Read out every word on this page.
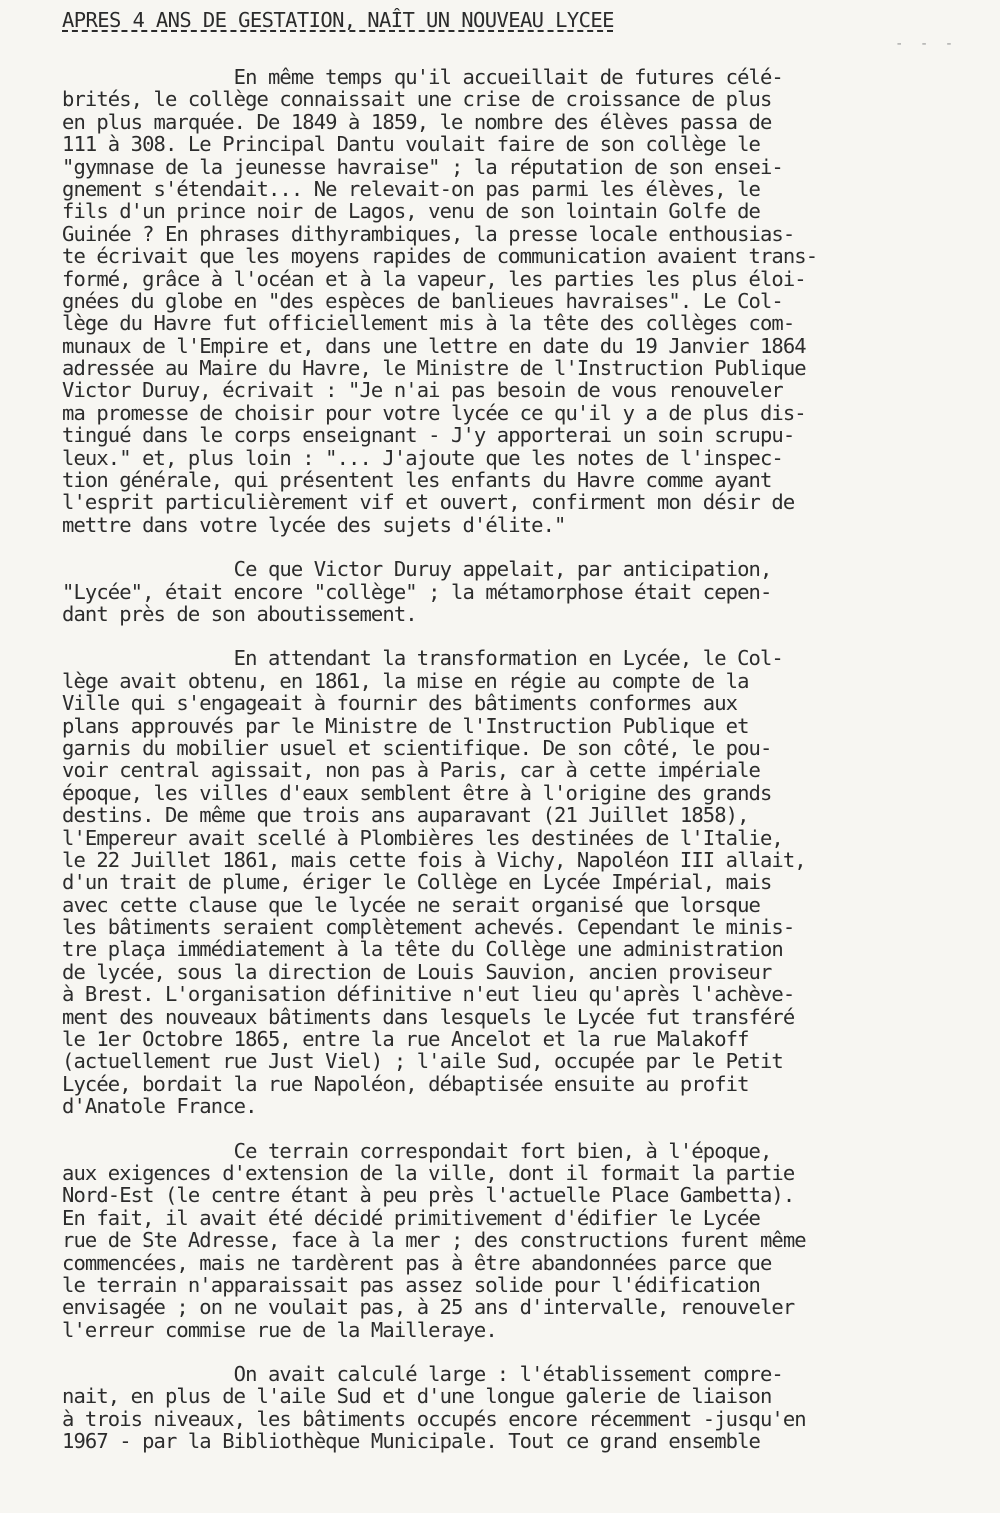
APRES 4 ANS DE GESTATION, NAÎT UN NOUVEAU LYCEE
- - -
En même temps qu'il accueillait de futures célé-
brités, le collège connaissait une crise de croissance de plus
en plus marquée. De 1849 à 1859, le nombre des élèves passa de
111 à 308. Le Principal Dantu voulait faire de son collège le
"gymnase de la jeunesse havraise" ; la réputation de son ensei-
gnement s'étendait... Ne relevait-on pas parmi les élèves, le
fils d'un prince noir de Lagos, venu de son lointain Golfe de
Guinée ? En phrases dithyrambiques, la presse locale enthousias-
te écrivait que les moyens rapides de communication avaient trans-
formé, grâce à l'océan et à la vapeur, les parties les plus éloi-
gnées du globe en "des espèces de banlieues havraises". Le Col-
lège du Havre fut officiellement mis à la tête des collèges com-
munaux de l'Empire et, dans une lettre en date du 19 Janvier 1864
adressée au Maire du Havre, le Ministre de l'Instruction Publique
Victor Duruy, écrivait : "Je n'ai pas besoin de vous renouveler
ma promesse de choisir pour votre lycée ce qu'il y a de plus dis-
tingué dans le corps enseignant - J'y apporterai un soin scrupu-
leux." et, plus loin : "... J'ajoute que les notes de l'inspec-
tion générale, qui présentent les enfants du Havre comme ayant
l'esprit particulièrement vif et ouvert, confirment mon désir de
mettre dans votre lycée des sujets d'élite."
Ce que Victor Duruy appelait, par anticipation,
"Lycée", était encore "collège" ; la métamorphose était cepen-
dant près de son aboutissement.
En attendant la transformation en Lycée, le Col-
lège avait obtenu, en 1861, la mise en régie au compte de la
Ville qui s'engageait à fournir des bâtiments conformes aux
plans approuvés par le Ministre de l'Instruction Publique et
garnis du mobilier usuel et scientifique. De son côté, le pou-
voir central agissait, non pas à Paris, car à cette impériale
époque, les villes d'eaux semblent être à l'origine des grands
destins. De même que trois ans auparavant (21 Juillet 1858),
l'Empereur avait scellé à Plombières les destinées de l'Italie,
le 22 Juillet 1861, mais cette fois à Vichy, Napoléon III allait,
d'un trait de plume, ériger le Collège en Lycée Impérial, mais
avec cette clause que le lycée ne serait organisé que lorsque
les bâtiments seraient complètement achevés. Cependant le minis-
tre plaça immédiatement à la tête du Collège une administration
de lycée, sous la direction de Louis Sauvion, ancien proviseur
à Brest. L'organisation définitive n'eut lieu qu'après l'achève-
ment des nouveaux bâtiments dans lesquels le Lycée fut transféré
le 1er Octobre 1865, entre la rue Ancelot et la rue Malakoff
(actuellement rue Just Viel) ; l'aile Sud, occupée par le Petit
Lycée, bordait la rue Napoléon, débaptisée ensuite au profit
d'Anatole France.
Ce terrain correspondait fort bien, à l'époque,
aux exigences d'extension de la ville, dont il formait la partie
Nord-Est (le centre étant à peu près l'actuelle Place Gambetta).
En fait, il avait été décidé primitivement d'édifier le Lycée
rue de Ste Adresse, face à la mer ; des constructions furent même
commencées, mais ne tardèrent pas à être abandonnées parce que
le terrain n'apparaissait pas assez solide pour l'édification
envisagée ; on ne voulait pas, à 25 ans d'intervalle, renouveler
l'erreur commise rue de la Mailleraye.
On avait calculé large : l'établissement compre-
nait, en plus de l'aile Sud et d'une longue galerie de liaison
à trois niveaux, les bâtiments occupés encore récemment -jusqu'en
1967 - par la Bibliothèque Municipale. Tout ce grand ensemble
